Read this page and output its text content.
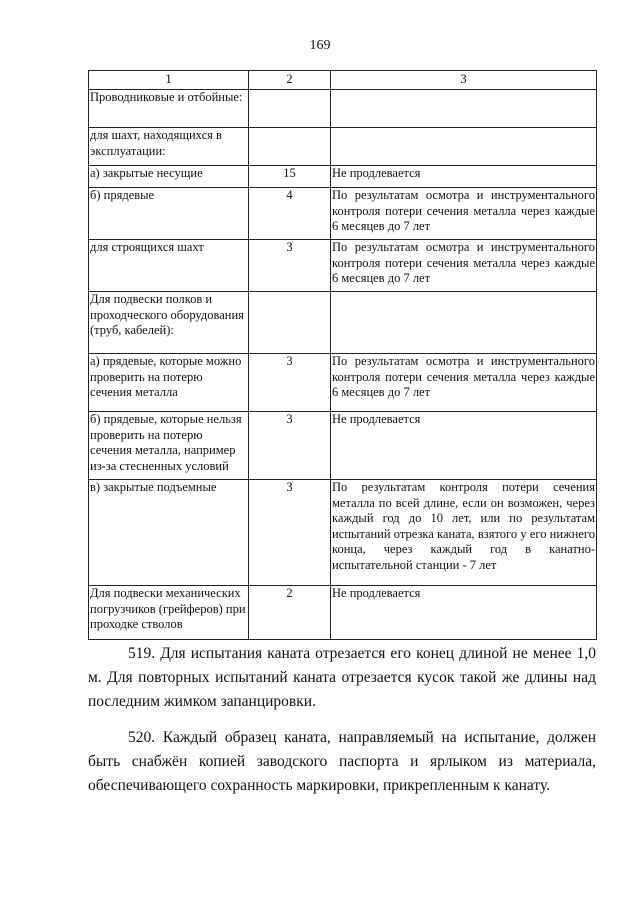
169
1	2	3
Проводниковые и отбойные:		
для шахт, находящихся в эксплуатации:		
а) закрытые несущие	15	Не продлевается
б) прядевые	4	По результатам осмотра и инструментального контроля потери сечения металла через каждые 6 месяцев до 7 лет
для строящихся шахт	3	По результатам осмотра и инструментального контроля потери сечения металла через каждые 6 месяцев до 7 лет
Для подвески полков и проходческого оборудования (труб, кабелей):		
а) прядевые, которые можно проверить на потерю сечения металла	3	По результатам осмотра и инструментального контроля потери сечения металла через каждые 6 месяцев до 7 лет
б) прядевые, которые нельзя проверить на потерю сечения металла, например из-за стесненных условий	3	Не продлевается
в) закрытые подъемные	3	По результатам контроля потери сечения металла по всей длине, если он возможен, через каждый год до 10 лет, или по результатам испытаний отрезка каната, взятого у его нижнего конца, через каждый год в канатно-испытательной станции - 7 лет
Для подвески механических погрузчиков (грейферов) при проходке стволов	2	Не продлевается

519. Для испытания каната отрезается его конец длиной не менее 1,0 м. Для повторных испытаний каната отрезается кусок такой же длины над последним жимком запанцировки.

520. Каждый образец каната, направляемый на испытание, должен быть снабжён копией заводского паспорта и ярлыком из материала, обеспечивающего сохранность маркировки, прикрепленным к канату.
